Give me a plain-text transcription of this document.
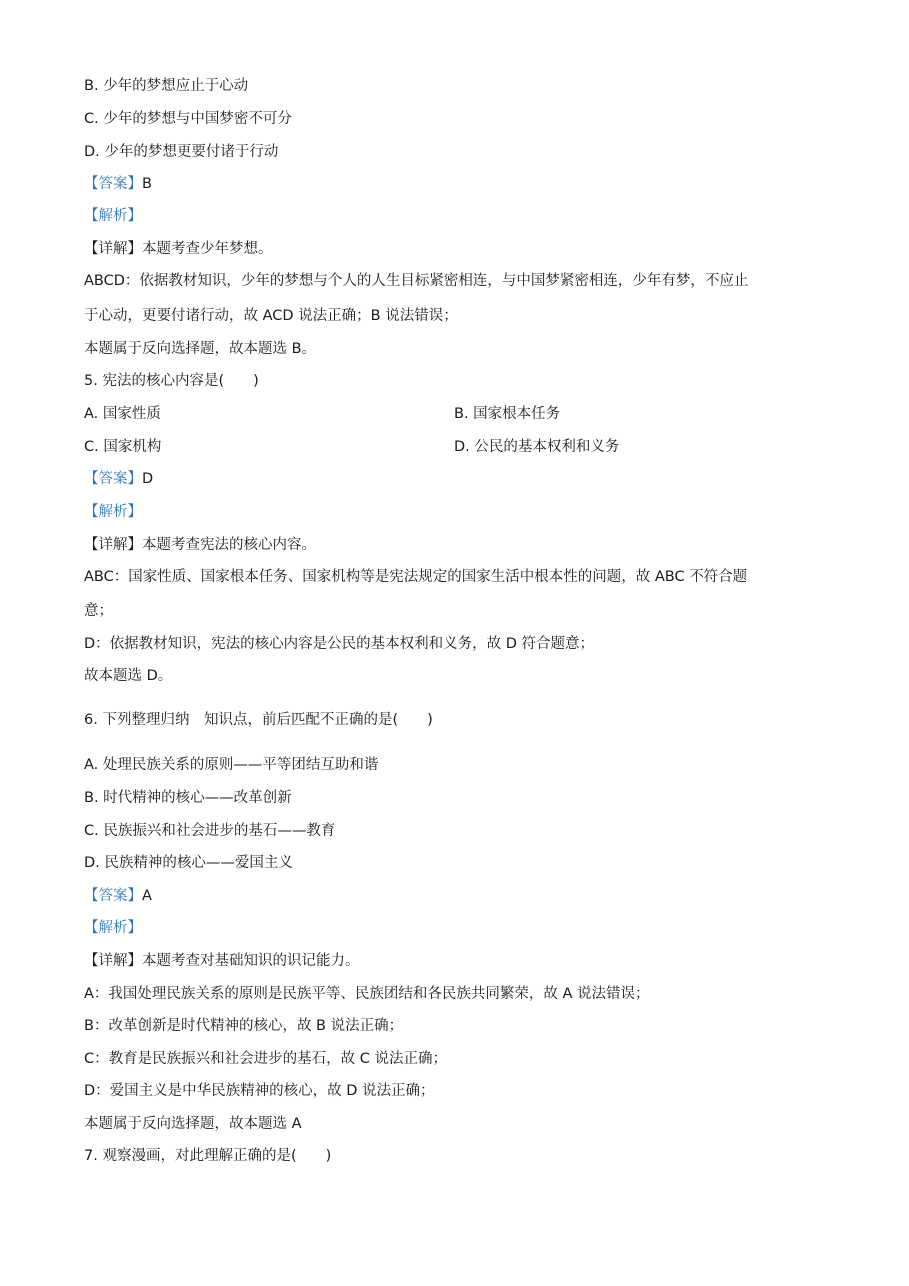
B. 少年的梦想应止于心动
C. 少年的梦想与中国梦密不可分
D. 少年的梦想更要付诸于行动
【答案】B
【解析】
【详解】本题考查少年梦想。
ABCD：依据教材知识，少年的梦想与个人的人生目标紧密相连，与中国梦紧密相连，少年有梦，不应止
于心动，更要付诸行动，故 ACD 说法正确；B 说法错误；
本题属于反向选择题，故本题选 B。
5. 宪法的核心内容是(　　)
A. 国家性质	B. 国家根本任务
C. 国家机构	D. 公民的基本权利和义务
【答案】D
【解析】
【详解】本题考查宪法的核心内容。
ABC：国家性质、国家根本任务、国家机构等是宪法规定的国家生活中根本性的问题，故 ABC 不符合题
意；
D：依据教材知识，宪法的核心内容是公民的基本权利和义务，故 D 符合题意；
故本题选 D。
6. 下列整理归纳　知识点，前后匹配不正确的是(　　)
A. 处理民族关系的原则——平等团结互助和谐
B. 时代精神的核心——改革创新
C. 民族振兴和社会进步的基石——教育
D. 民族精神的核心——爱国主义
【答案】A
【解析】
【详解】本题考查对基础知识的识记能力。
A：我国处理民族关系的原则是民族平等、民族团结和各民族共同繁荣，故 A 说法错误；
B：改革创新是时代精神的核心，故 B 说法正确；
C：教育是民族振兴和社会进步的基石，故 C 说法正确；
D：爱国主义是中华民族精神的核心，故 D 说法正确；
本题属于反向选择题，故本题选 A
7. 观察漫画，对此理解正确的是(　　)
